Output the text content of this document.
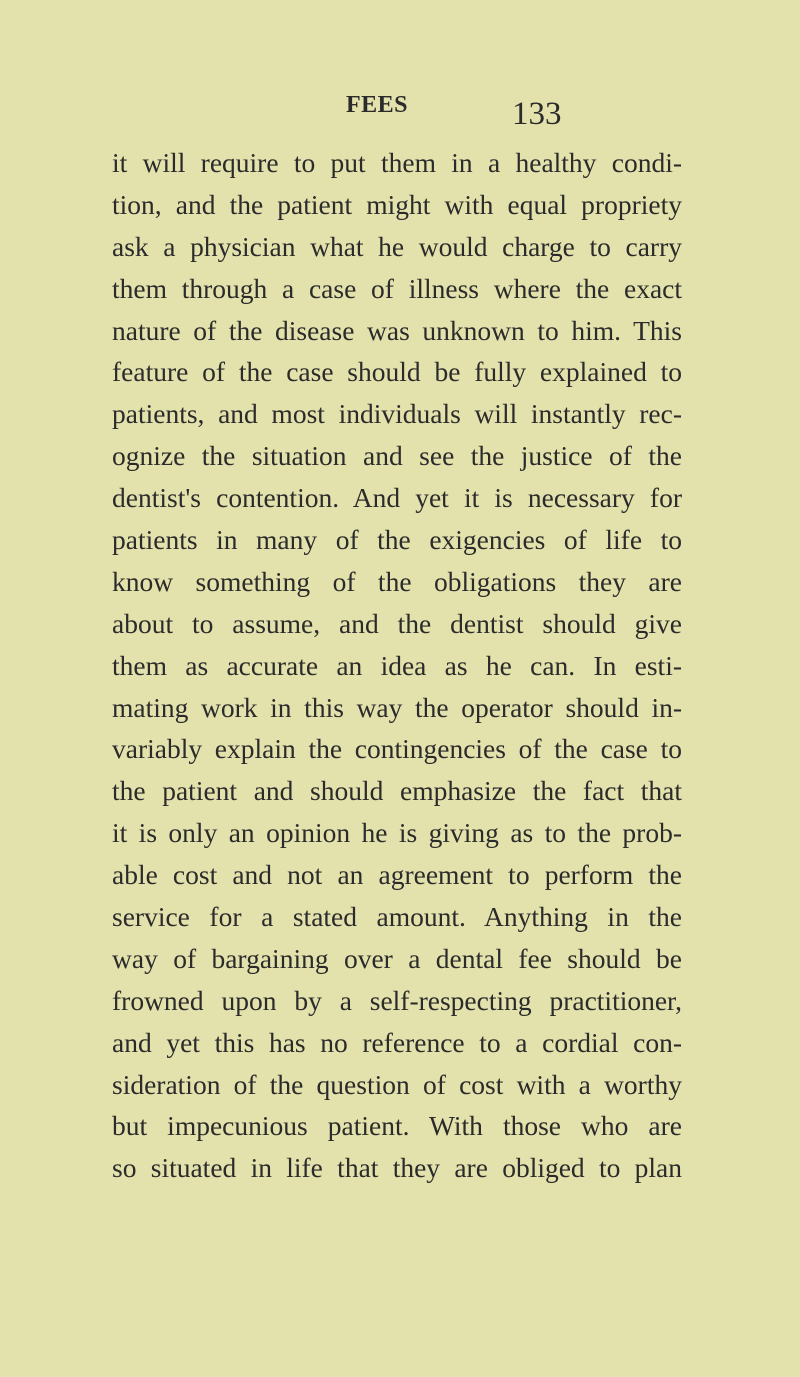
FEES	133
it will require to put them in a healthy condi-
tion, and the patient might with equal propriety
ask a physician what he would charge to carry
them through a case of illness where the exact
nature of the disease was unknown to him. This
feature of the case should be fully explained to
patients, and most individuals will instantly rec-
ognize the situation and see the justice of the
dentist's contention. And yet it is necessary for
patients in many of the exigencies of life to
know something of the obligations they are
about to assume, and the dentist should give
them as accurate an idea as he can. In esti-
mating work in this way the operator should in-
variably explain the contingencies of the case to
the patient and should emphasize the fact that
it is only an opinion he is giving as to the prob-
able cost and not an agreement to perform the
service for a stated amount. Anything in the
way of bargaining over a dental fee should be
frowned upon by a self-respecting practitioner,
and yet this has no reference to a cordial con-
sideration of the question of cost with a worthy
but impecunious patient. With those who are
so situated in life that they are obliged to plan
